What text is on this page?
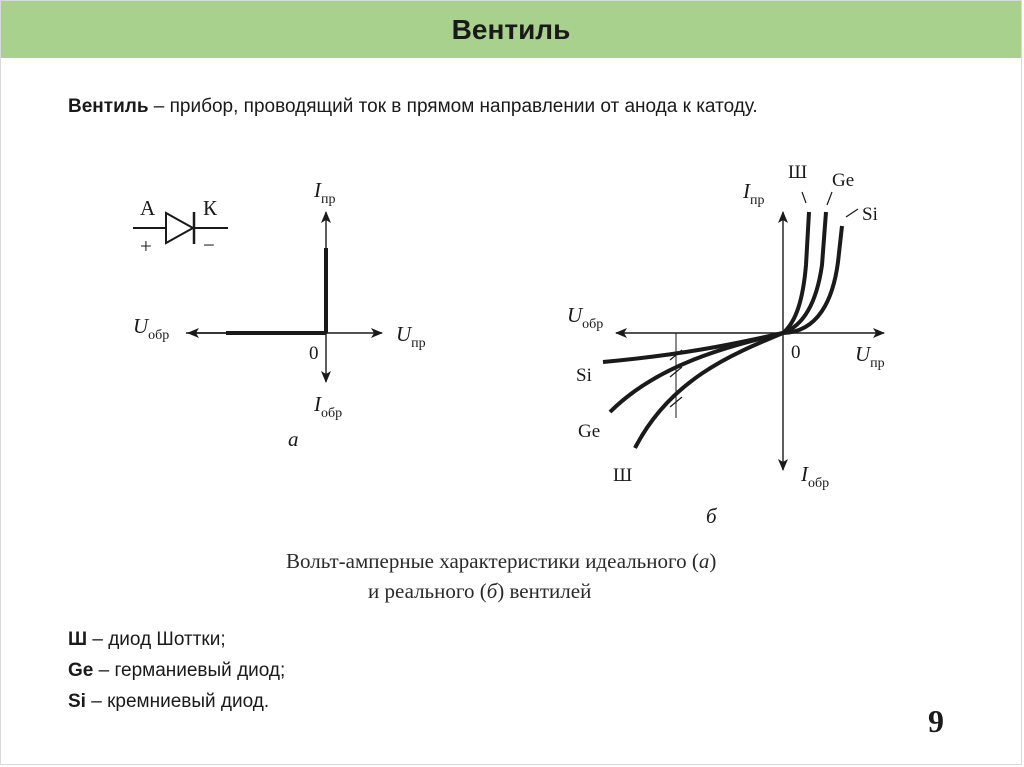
Вентиль

Вентиль – прибор, проводящий ток в прямом направлении от анода к катоду.

А К
+ −
$I_{пр}$
$U_{обр}$	$U_{пр}$
$I_{обр}$
0
а
Ш Ge
Si
Si
Ge
Ш
$I_{пр}$
$U_{обр}$
$U_{пр}$
$I_{обр}$
0
б
Вольт-амперные характеристики идеального (а)
и реального (б) вентилей
Ш – диод Шоттки;
Ge – германиевый диод;
Si – кремниевый диод.
9
